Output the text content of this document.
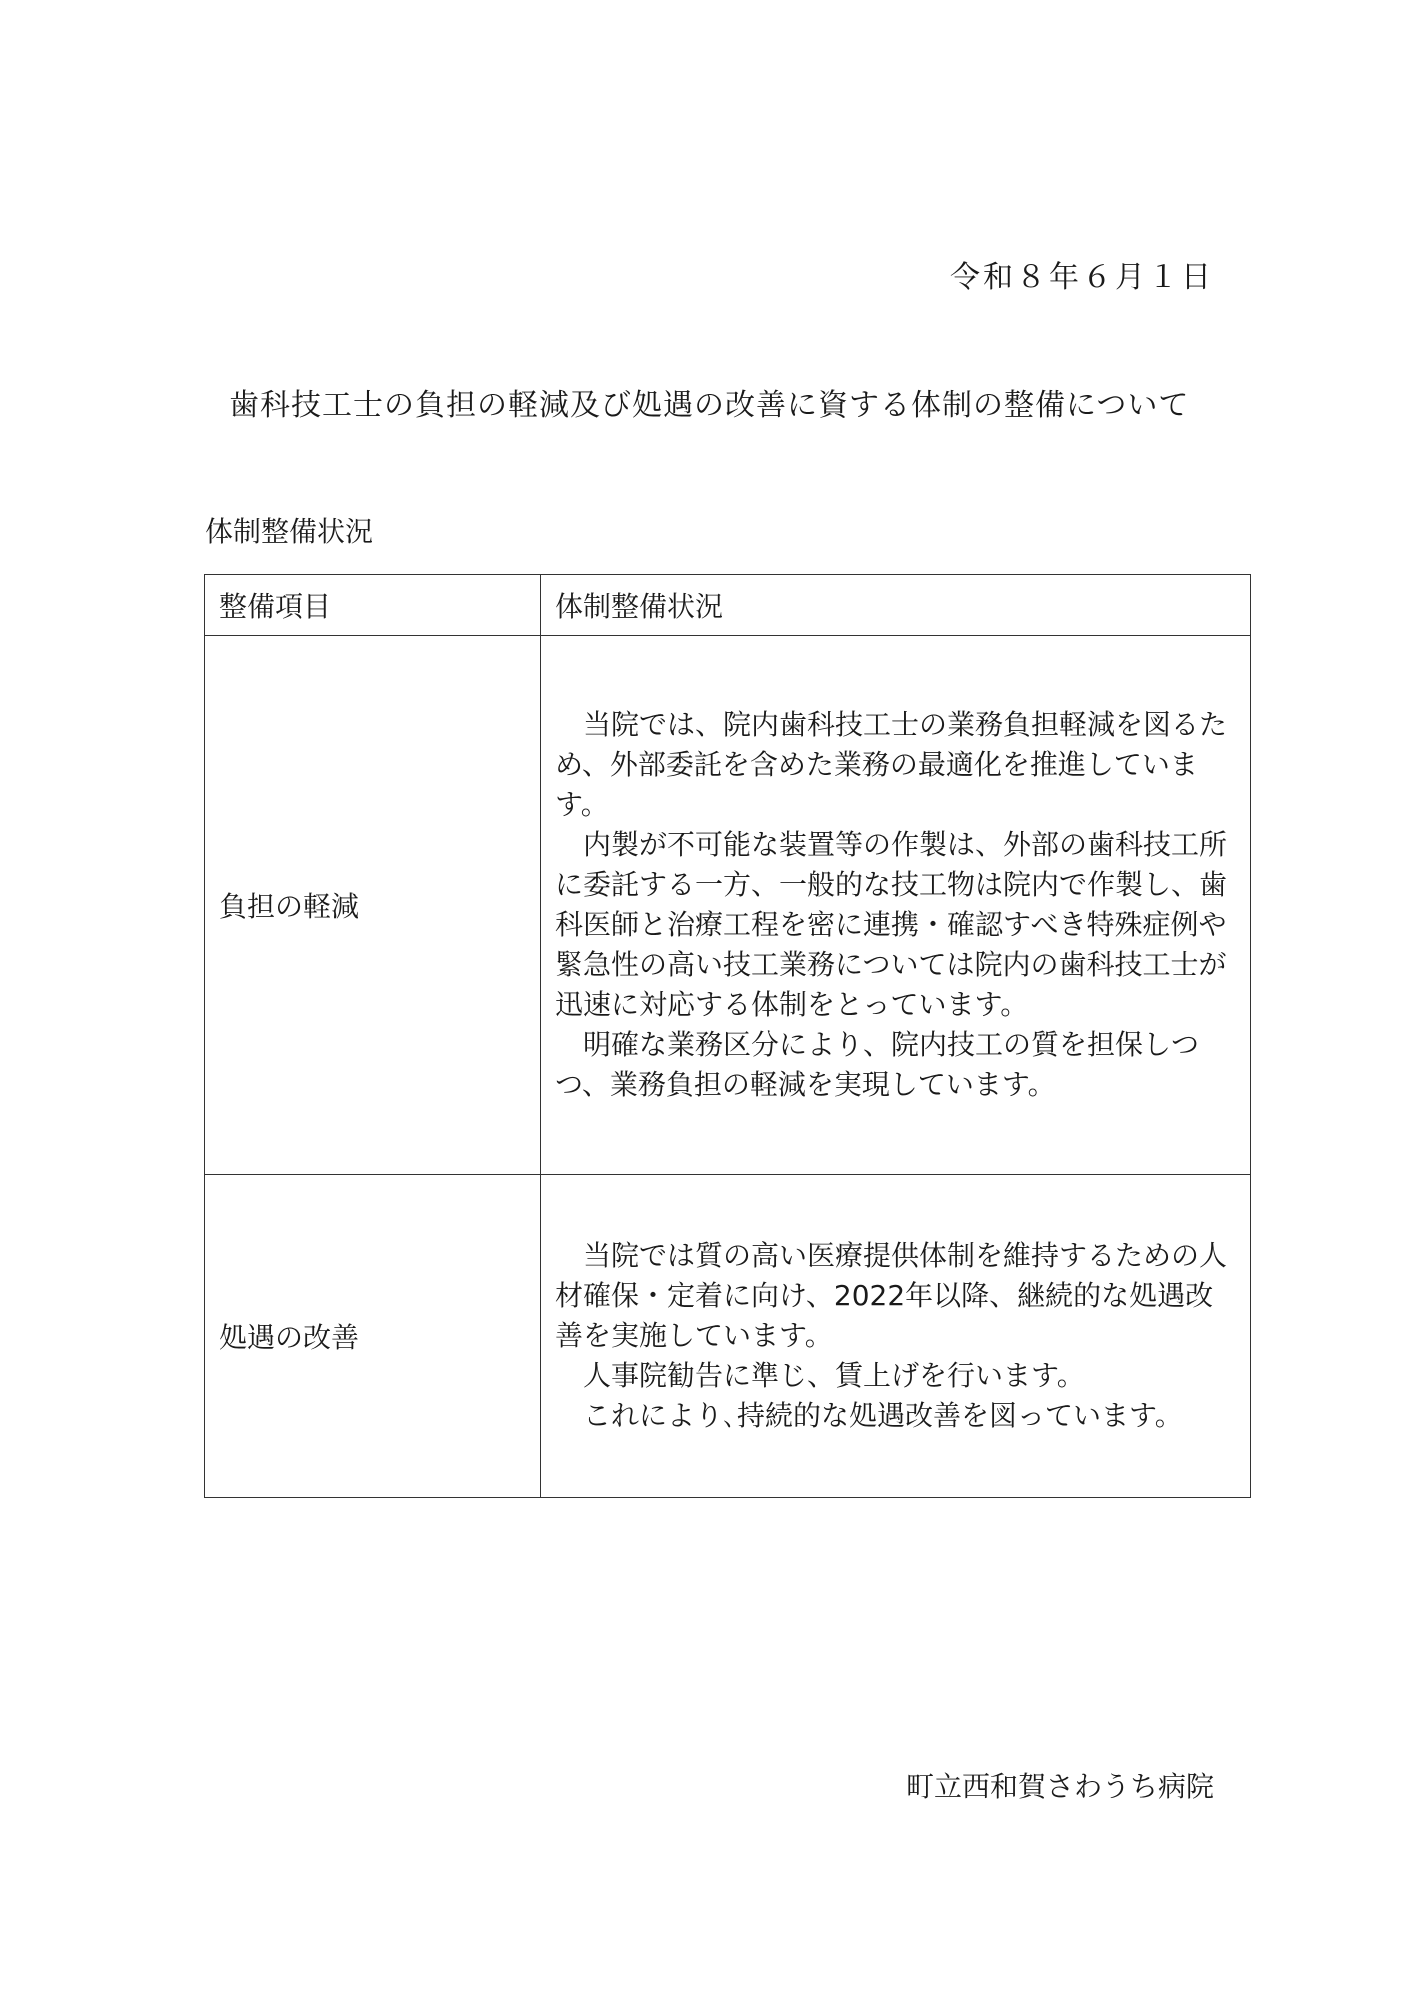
令和８年６月１日
歯科技工士の負担の軽減及び処遇の改善に資する体制の整備について
体制整備状況
整備項目	体制整備状況
負担の軽減	当院では、院内歯科技工士の業務負担軽減を図るため、外部委託を含めた業務の最適化を推進しています。

内製が不可能な装置等の作製は、外部の歯科技工所に委託する一方、一般的な技工物は院内で作製し、歯科医師と治療工程を密に連携・確認すべき特殊症例や緊急性の高い技工業務については院内の歯科技工士が迅速に対応する体制をとっています。

明確な業務区分により、院内技工の質を担保しつつ、業務負担の軽減を実現しています。

処遇の改善	当院では質の高い医療提供体制を維持するための人材確保・定着に向け、2022年以降、継続的な処遇改善を実施しています。

人事院勧告に準じ、賃上げを行います。

これにより､持続的な処遇改善を図っています。

町立西和賀さわうち病院
